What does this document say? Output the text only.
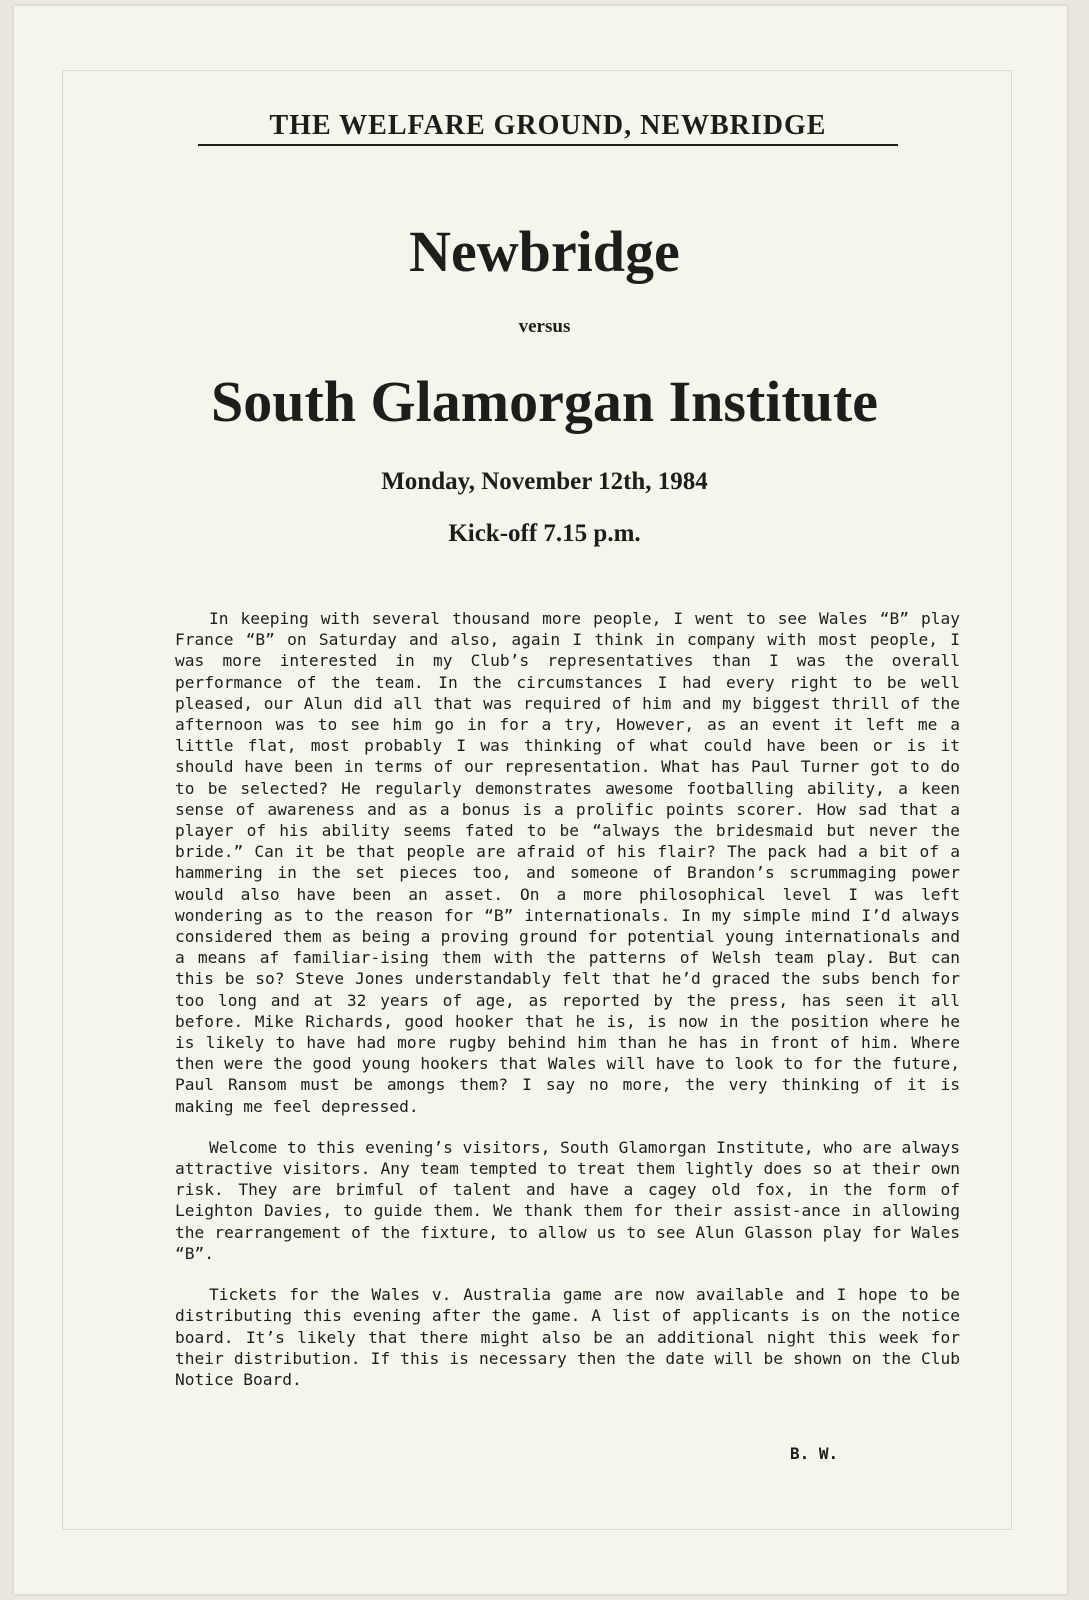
THE WELFARE GROUND, NEWBRIDGE
Newbridge
versus
South Glamorgan Institute
Monday, November 12th, 1984
Kick-off 7.15 p.m.

In keeping with several thousand more people, I went to see Wales “B” play France “B” on Saturday and also, again I think in company with most people, I was more interested in my Club’s representatives than I was the overall performance of the team. In the circumstances I had every right to be well pleased, our Alun did all that was required of him and my biggest thrill of the afternoon was to see him go in for a try, However, as an event it left me a little flat, most probably I was thinking of what could have been or is it should have been in terms of our representation. What has Paul Turner got to do to be selected? He regularly demonstrates awesome footballing ability, a keen sense of awareness and as a bonus is a prolific points scorer. How sad that a player of his ability seems fated to be “always the bridesmaid but never the bride.” Can it be that people are afraid of his flair? The pack had a bit of a hammering in the set pieces too, and someone of Brandon’s scrummaging power would also have been an asset. On a more philosophical level I was left wondering as to the reason for “B” internationals. In my simple mind I’d always considered them as being a proving ground for potential young internationals and a means af familiar-ising them with the patterns of Welsh team play. But can this be so? Steve Jones understandably felt that he’d graced the subs bench for too long and at 32 years of age, as reported by the press, has seen it all before. Mike Richards, good hooker that he is, is now in the position where he is likely to have had more rugby behind him than he has in front of him. Where then were the good young hookers that Wales will have to look to for the future, Paul Ransom must be amongs them? I say no more, the very thinking of it is making me feel depressed.

Welcome to this evening’s visitors, South Glamorgan Institute, who are always attractive visitors. Any team tempted to treat them lightly does so at their own risk. They are brimful of talent and have a cagey old fox, in the form of Leighton Davies, to guide them. We thank them for their assist-ance in allowing the rearrangement of the fixture, to allow us to see Alun Glasson play for Wales “B”.

Tickets for the Wales v. Australia game are now available and I hope to be distributing this evening after the game. A list of applicants is on the notice board. It’s likely that there might also be an additional night this week for their distribution. If this is necessary then the date will be shown on the Club Notice Board.

B. W.
